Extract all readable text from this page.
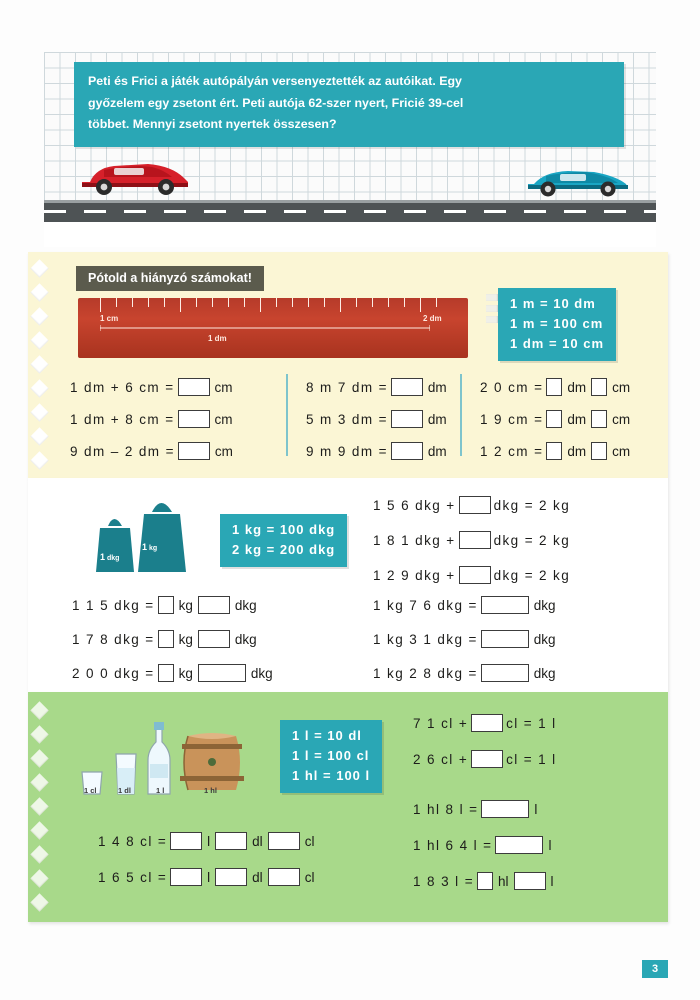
Peti és Frici a játék autópályán versenyeztették az autóikat. Egy
győzelem egy zsetont ért. Peti autója 62-szer nyert, Fricié 39-cel
többet. Mennyi zsetont nyertek összesen?
Pótold a hiányzó számokat!
1 cm	2 dm
1 dm
1 m = 10 dm
1 m = 100 cm
1 dm = 10 cm
1 dm + 6 cm =	cm
1 dm + 8 cm =	cm
9 dm – 2 dm =	cm
8 m 7 dm =	dm
5 m 3 dm =	dm
9 m 9 dm =	dm
2 0 cm = dm cm
1 9 cm = dm cm
1 2 cm = dm cm
1 dkg
1 kg
1 kg = 100 dkg
2 kg = 200 dkg
1 5 6 dkg +	dkg = 2 kg
1 8 1 dkg +	dkg = 2 kg
1 2 9 dkg +	dkg = 2 kg
1 1 5 dkg = kg	dkg
1 7 8 dkg = kg	dkg
2 0 0 dkg = kg	dkg
1 kg 7 6 dkg =	dkg
1 kg 3 1 dkg =	dkg
1 kg 2 8 dkg =	dkg
1 cl	1 dl	1 l	1 hl
1 l = 10 dl
1 l = 100 cl
1 hl = 100 l
7 1 cl +	cl = 1 l
2 6 cl +	cl = 1 l
1 hl 8 l =	l
1 hl 6 4 l =	l
1 8 3 l = hl	l
1 4 8 cl =	l	dl	cl
1 6 5 cl =	l	dl	cl
3
